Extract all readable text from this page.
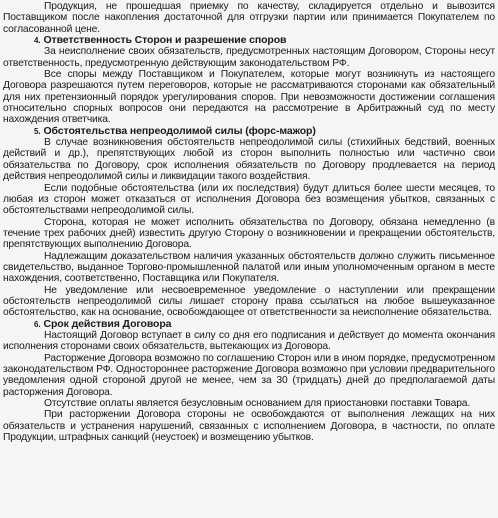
Продукция, не прошедшая приемку по качеству, складируется отдельно и вывозится Поставщиком после накопления достаточной для отгрузки партии или принимается Покупателем по согласованной цене.

4. Ответственность Сторон и разрешение споров

За неисполнение своих обязательств, предусмотренных настоящим Договором, Стороны несут ответственность, предусмотренную действующим законодательством РФ.

Все споры между Поставщиком и Покупателем, которые могут возникнуть из настоящего Договора разрешаются путем переговоров, которые не рассматриваются сторонами как обязательный для них претензионный порядок урегулирования споров. При невозможности достижении соглашения относительно спорных вопросов они передаются на рассмотрение в Арбитражный суд по месту нахождения ответчика.

5. Обстоятельства непреодолимой силы (форс-мажор)

В случае возникновения обстоятельств непреодолимой силы (стихийных бедствий, военных действий и др.), препятствующих любой из сторон выполнить полностью или частично свои обязательства по Договору, срок исполнения обязательств по Договору продлевается на период действия непреодолимой силы и ликвидации такого воздействия.

Если подобные обстоятельства (или их последствия) будут длиться более шести месяцев, то любая из сторон может отказаться от исполнения Договора без возмещения убытков, связанных с обстоятельствами непреодолимой силы.

Сторона, которая не может исполнить обязательства по Договору, обязана немедленно (в течение трех рабочих дней) известить другую Сторону о возникновении и прекращении обстоятельств, препятствующих выполнению Договора.

Надлежащим доказательством наличия указанных обстоятельств должно служить письменное свидетельство, выданное Торгово-промышленной палатой или иным уполномоченным органом в месте нахождения, соответственно, Поставщика или Покупателя.

Не уведомление или несвоевременное уведомление о наступлении или прекращении обстоятельств непреодолимой силы лишает сторону права ссылаться на любое вышеуказанное обстоятельство, как на основание, освобождающее от ответственности за неисполнение обязательства.

6. Срок действия Договора

Настоящий Договор вступает в силу со дня его подписания и действует до момента окончания исполнения сторонами своих обязательств, вытекающих из Договора.

Расторжение Договора возможно по соглашению Сторон или в ином порядке, предусмотренном законодательством РФ. Одностороннее расторжение Договора возможно при условии предварительного уведомления одной стороной другой не менее, чем за 30 (тридцать) дней до предполагаемой даты расторжения Договора.

Отсутствие оплаты является безусловным основанием для приостановки поставки Товара.

При расторжении Договора стороны не освобождаются от выполнения лежащих на них обязательств и устранения нарушений, связанных с исполнением Договора, в частности, по оплате Продукции, штрафных санкций (неустоек) и возмещению убытков.
